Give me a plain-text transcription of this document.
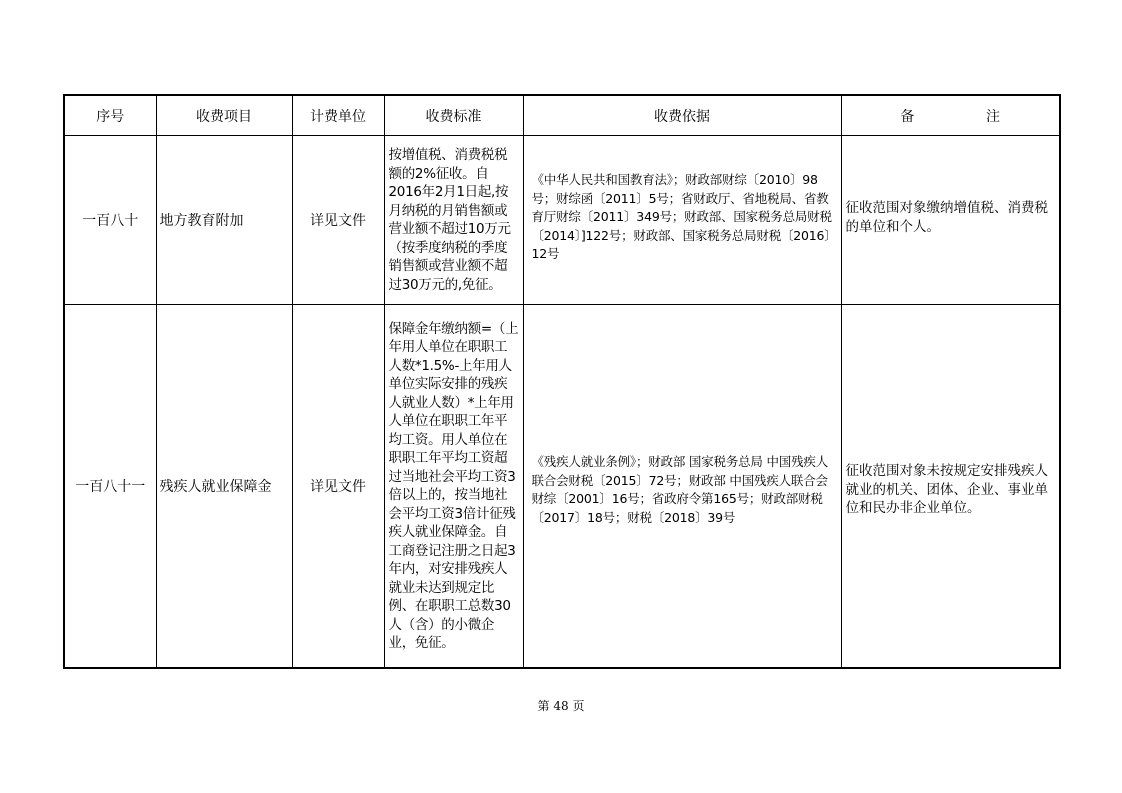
序号	收费项目	计费单位	收费标准	收费依据	备 注
一百八十	地方教育附加	详见文件	按增值税、消费税税额的2%征收。自2016年2月1日起,按月纳税的月销售额或营业额不超过10万元（按季度纳税的季度销售额或营业额不超过30万元的,免征。	《中华人民共和国教育法》；财政部财综〔2010〕98号；财综函〔2011〕5号；省财政厅、省地税局、省教育厅财综〔2011〕349号；财政部、国家税务总局财税〔2014〕]122号；财政部、国家税务总局财税〔2016〕12号	征收范围对象缴纳增值税、消费税的单位和个人。
一百八十一	残疾人就业保障金	详见文件	保障金年缴纳额=（上年用人单位在职职工人数*1.5%-上年用人单位实际安排的残疾人就业人数）*上年用人单位在职职工年平均工资。用人单位在职职工年平均工资超过当地社会平均工资3倍以上的，按当地社会平均工资3倍计征残疾人就业保障金。自工商登记注册之日起3年内，对安排残疾人就业未达到规定比例、在职职工总数30人（含）的小微企业，免征。	《残疾人就业条例》；财政部 国家税务总局 中国残疾人联合会财税〔2015〕72号；财政部 中国残疾人联合会财综〔2001〕16号；省政府令第165号；财政部财税〔2017〕18号；财税〔2018〕39号	征收范围对象未按规定安排残疾人就业的机关、团体、企业、事业单位和民办非企业单位。
第 48 页
